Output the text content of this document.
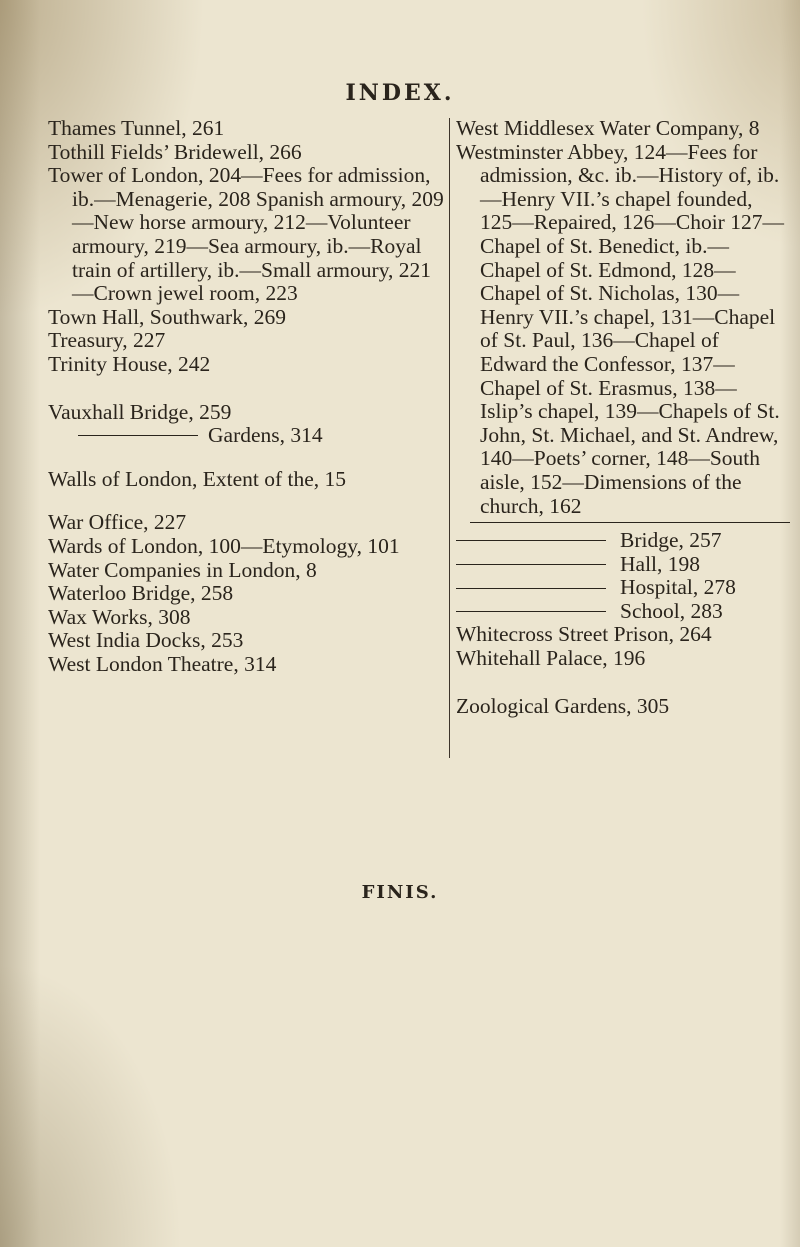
INDEX.

Thames Tunnel, 261

Tothill Fields’ Bridewell, 266

Tower of London, 204—Fees for admission, ib.—Menagerie, 208 Spanish armoury, 209—New horse armoury, 212—Volunteer armoury, 219—Sea armoury, ib.—Royal train of artillery, ib.—Small armoury, 221—Crown jewel room, 223

Town Hall, Southwark, 269

Treasury, 227

Trinity House, 242

Vauxhall Bridge, 259

Gardens, 314

Walls of London, Extent of the, 15

War Office, 227

Wards of London, 100—Etymology, 101

Water Companies in London, 8

Waterloo Bridge, 258

Wax Works, 308

West India Docks, 253

West London Theatre, 314

West Middlesex Water Company, 8

Westminster Abbey, 124—Fees for admission, &c. ib.—History of, ib.—Henry VII.’s chapel founded, 125—Repaired, 126—Choir 127—Chapel of St. Benedict, ib.—Chapel of St. Edmond, 128—Chapel of St. Nicholas, 130—Henry VII.’s chapel, 131—Chapel of St. Paul, 136—Chapel of Edward the Confessor, 137—Chapel of St. Erasmus, 138—Islip’s chapel, 139—Chapels of St. John, St. Michael, and St. Andrew, 140—Poets’ corner, 148—South aisle, 152—Dimensions of the church, 162

Bridge, 257
Hall, 198
Hospital, 278
School, 283

Whitecross Street Prison, 264

Whitehall Palace, 196

Zoological Gardens, 305

FINIS.
